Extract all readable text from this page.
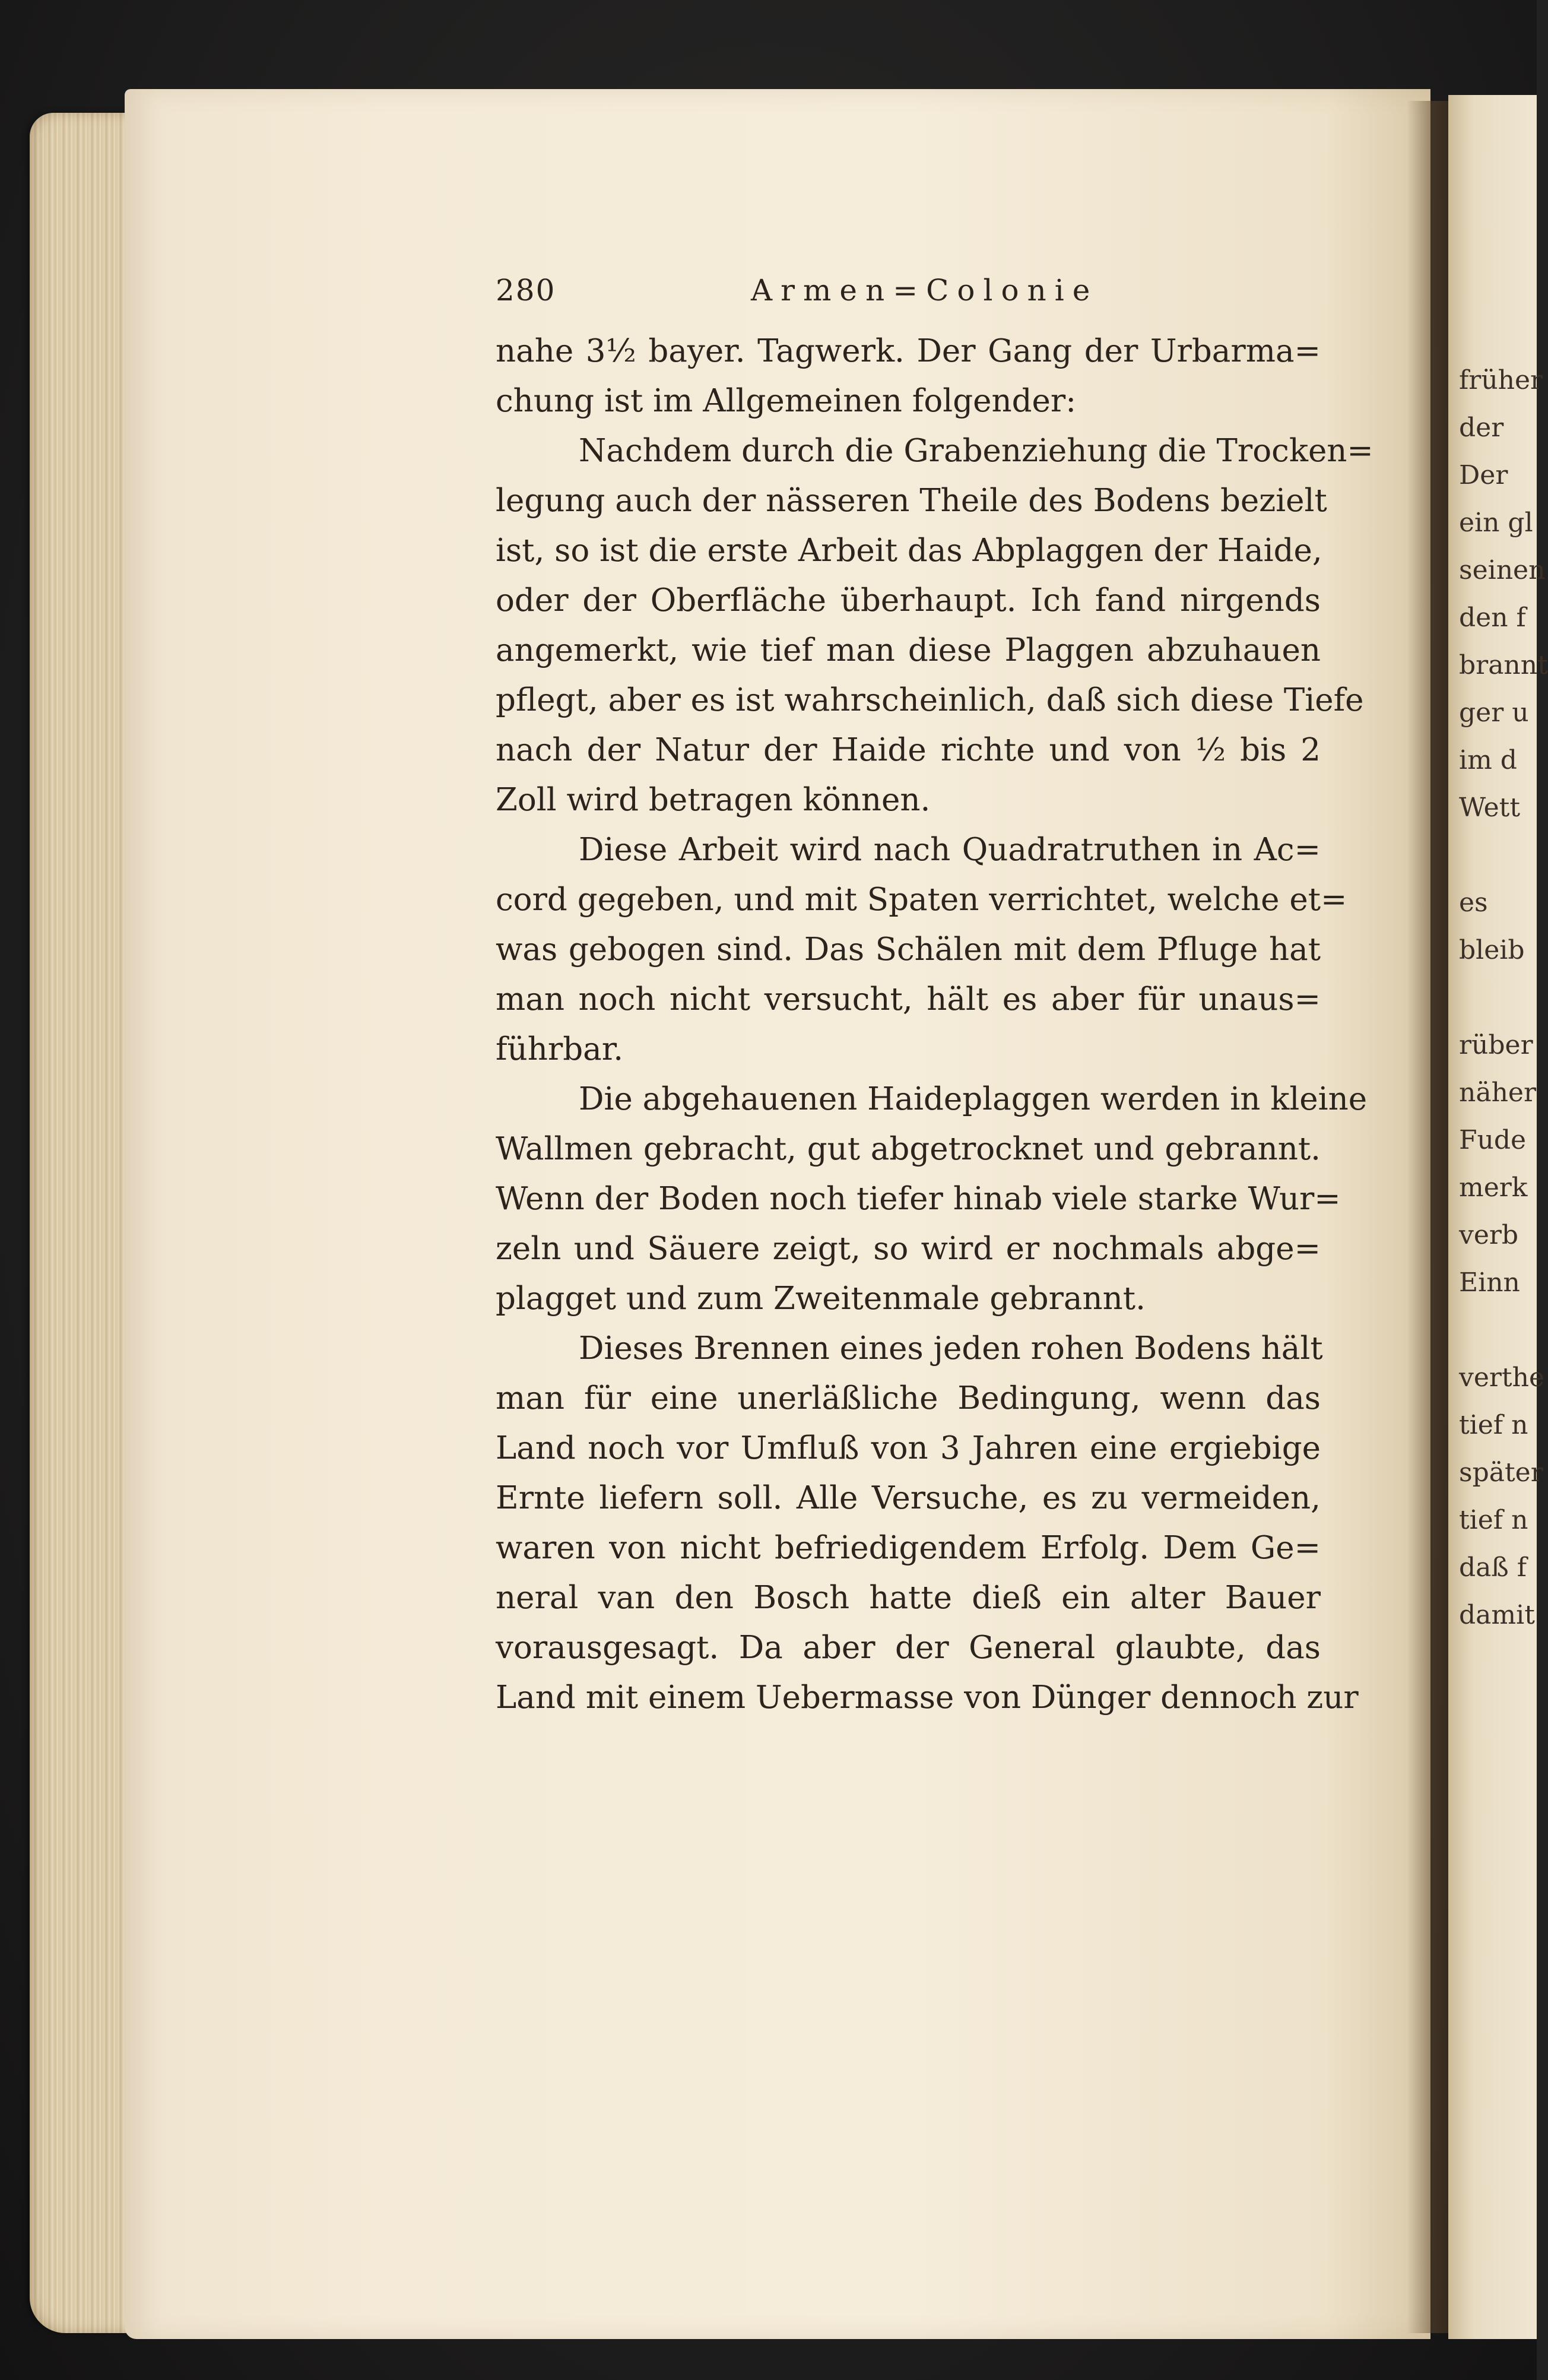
früher
der
Der
ein gl
seinen
den f
brannt
ger u
im d
Wett
es
bleib
rüber
näher
Fude
merk
verb
Einn
verthe
tief n
später
tief n
daß f
damit
280	Armen=Colonie
nahe 3½ bayer. Tagwerk. Der Gang der Urbarma=
chung ist im Allgemeinen folgender:
Nachdem durch die Grabenziehung die Trocken=
legung auch der nässeren Theile des Bodens bezielt
ist, so ist die erste Arbeit das Abplaggen der Haide,
oder der Oberfläche überhaupt. Ich fand nirgends
angemerkt, wie tief man diese Plaggen abzuhauen
pflegt, aber es ist wahrscheinlich, daß sich diese Tiefe
nach der Natur der Haide richte und von ½ bis 2
Zoll wird betragen können.
Diese Arbeit wird nach Quadratruthen in Ac=
cord gegeben, und mit Spaten verrichtet, welche et=
was gebogen sind. Das Schälen mit dem Pfluge hat
man noch nicht versucht, hält es aber für unaus=
führbar.
Die abgehauenen Haideplaggen werden in kleine
Wallmen gebracht, gut abgetrocknet und gebrannt.
Wenn der Boden noch tiefer hinab viele starke Wur=
zeln und Säuere zeigt, so wird er nochmals abge=
plagget und zum Zweitenmale gebrannt.
Dieses Brennen eines jeden rohen Bodens hält
man für eine unerläßliche Bedingung, wenn das
Land noch vor Umfluß von 3 Jahren eine ergiebige
Ernte liefern soll. Alle Versuche, es zu vermeiden,
waren von nicht befriedigendem Erfolg. Dem Ge=
neral van den Bosch hatte dieß ein alter Bauer
vorausgesagt. Da aber der General glaubte, das
Land mit einem Uebermasse von Dünger dennoch zur
